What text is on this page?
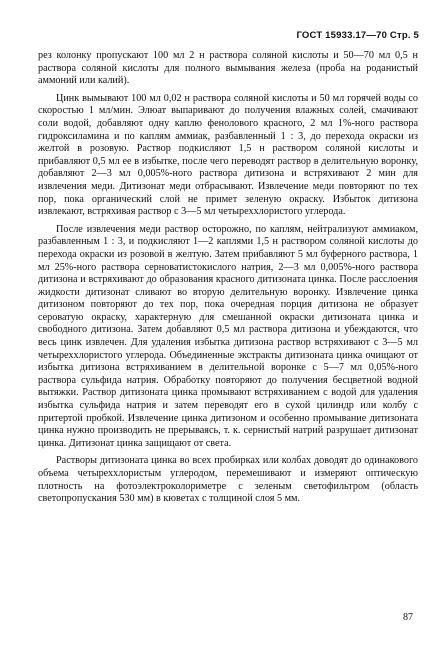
ГОСТ 15933.17—70 Стр. 5

рез колонку пропускают 100 мл 2 н раствора соляной кислоты и 50—70 мл 0,5 н раствора соляной кислоты для полного вымывания железа (проба на роданистый аммоний или калий).

Цинк вымывают 100 мл 0,02 н раствора соляной кислоты и 50 мл горячей воды со скоростью 1 мл/мин. Элюат выпаривают до получения влажных солей, смачивают соли водой, добавляют одну каплю фенолового красного, 2 мл 1%-ного раствора гидроксиламина и по каплям аммиак, разбавленный 1 : 3, до перехода окраски из желтой в розовую. Раствор подкисляют 1,5 н раствором соляной кислоты и прибавляют 0,5 мл ее в избытке, после чего переводят раствор в делительную воронку, добавляют 2—3 мл 0,005%-ного раствора дитизона и встряхивают 2 мин для извлечения меди. Дитизонат меди отбрасывают. Извлечение меди повторяют по тех пор, пока органический слой не примет зеленую окраску. Избыток дитизона извлекают, встряхивая раствор с 3—5 мл четыреххлористого углерода.

После извлечения меди раствор осторожно, по каплям, нейтрализуют аммиаком, разбавленным 1 : 3, и подкисляют 1—2 каплями 1,5 н раствором соляной кислоты до перехода окраски из розовой в желтую. Затем прибавляют 5 мл буферного раствора, 1 мл 25%-ного раствора серноватистокислого натрия, 2—3 мл 0,005%-ного раствора дитизона и встряхивают до образования красного дитизоната цинка. После расслоения жидкости дитизонат сливают во вторую делительную воронку. Извлечение цинка дитизоном повторяют до тех пор, пока очередная порция дитизона не образует сероватую окраску, характерную для смешанной окраски дитизоната цинка и свободного дитизона. Затем добавляют 0,5 мл раствора дитизона и убеждаются, что весь цинк извлечен. Для удаления избытка дитизона раствор встряхивают с 3—5 мл четыреххлористого углерода. Объединенные экстракты дитизоната цинка очищают от избытка дитизона встряхиванием в делительной воронке с 5—7 мл 0,05%-ного раствора сульфида натрия. Обработку повторяют до получения бесцветной водной вытяжки. Раствор дитизоната цинка промывают встряхиванием с водой для удаления избытка сульфида натрия и затем переводят его в сухой цилиндр или колбу с притертой пробкой. Извлечение цинка дитизоном и особенно промывание дитизоната цинка нужно производить не прерываясь, т. к. сернистый натрий разрушает дитизонат цинка. Дитизонат цинка защищают от света.

Растворы дитизоната цинка во всех пробирках или колбах доводят до одинакового объема четыреххлористым углеродом, перемешивают и измеряют оптическую плотность на фотоэлектроколориметре с зеленым светофильтром (область светопропускания 530 мм) в кюветах с толщиной слоя 5 мм.

87
